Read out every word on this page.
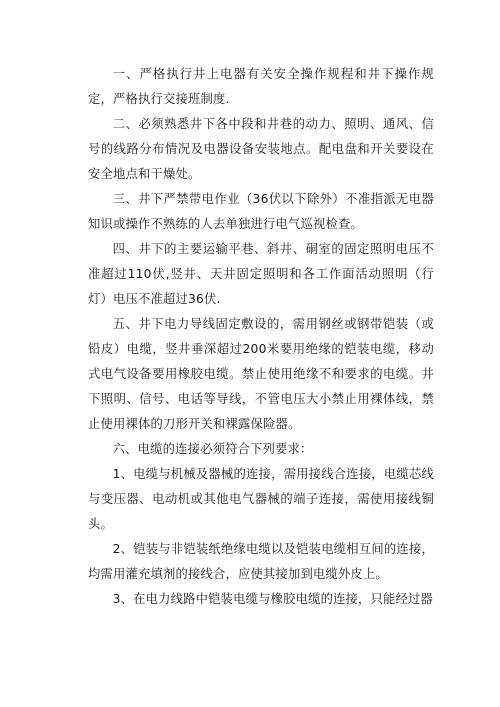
一、严格执行井上电器有关安全操作规程和井下操作规定，严格执行交接班制度.

二、必须熟悉井下各中段和井巷的动力、照明、通风、信号的线路分布情况及电器设备安装地点。配电盘和开关要设在安全地点和干燥处。

三、井下严禁带电作业（36伏以下除外）不准指派无电器知识或操作不熟练的人去单独进行电气巡视检查。

四、井下的主要运输平巷、斜井、硐室的固定照明电压不准超过110伏,竖井、天井固定照明和各工作面活动照明（行灯）电压不准超过36伏.

五、井下电力导线固定敷设的，需用钢丝或钢带铠装（或铅皮）电缆，竖井垂深超过200米要用绝缘的铠装电缆，移动式电气设备要用橡胶电缆。禁止使用绝缘不和要求的电缆。井下照明、信号、电话等导线，不管电压大小禁止用裸体线，禁止使用裸体的刀形开关和裸露保险器。

六、电缆的连接必须符合下列要求：

1、电缆与机械及器械的连接，需用接线合连接，电缆芯线与变压器、电动机或其他电气器械的端子连接，需使用接线铜头。

2、铠装与非铠装纸绝缘电缆以及铠装电缆相互间的连接，均需用灌充填剂的接线合，应使其接加到电缆外皮上。

3、在电力线路中铠装电缆与橡胶电缆的连接，只能经过器
